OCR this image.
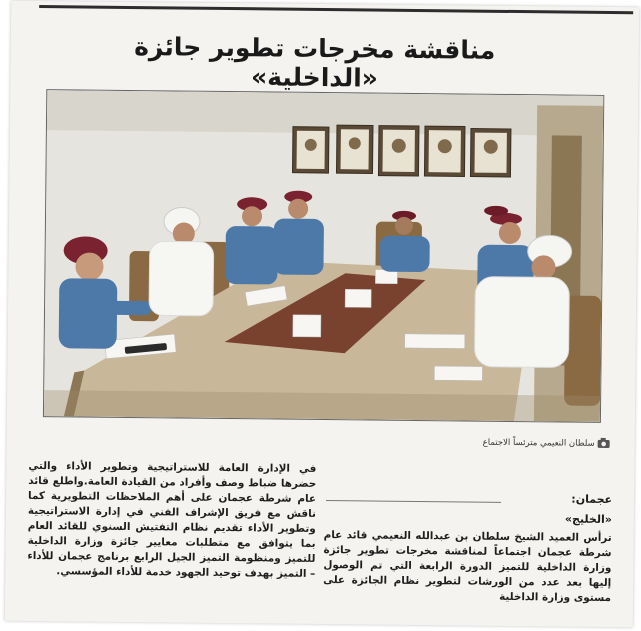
مناقشة مخرجات تطوير جائزة «الداخلية»
سلطان النعيمي مترئساً الاجتماع
عجمان:
«الخليج»

ترأس العميد الشيخ سلطان بن عبدالله النعيمي قائد عام شرطة عجمان اجتماعاً لمناقشة مخرجات تطوير جائزة وزارة الداخلية للتميز الدورة الرابعة التي تم الوصول إليها بعد عدد من الورشات لتطوير نظام الجائزة على مستوى وزارة الداخلية

في الإدارة العامة للاستراتيجية وتطوير الأداء والتي حضرها ضباط وصف وأفراد من القيادة العامة.واطلع قائد عام شرطة عجمان على أهم الملاحظات التطويرية كما ناقش مع فريق الإشراف الفني في إدارة الاستراتيجية وتطوير الأداء تقديم نظام التفتيش السنوي للقائد العام بما يتوافق مع متطلبات معايير جائزة وزارة الداخلية للتميز ومنظومة التميز الجيل الرابع برنامج عجمان للأداء – التميز بهدف توحيد الجهود خدمة للأداء المؤسسي.
